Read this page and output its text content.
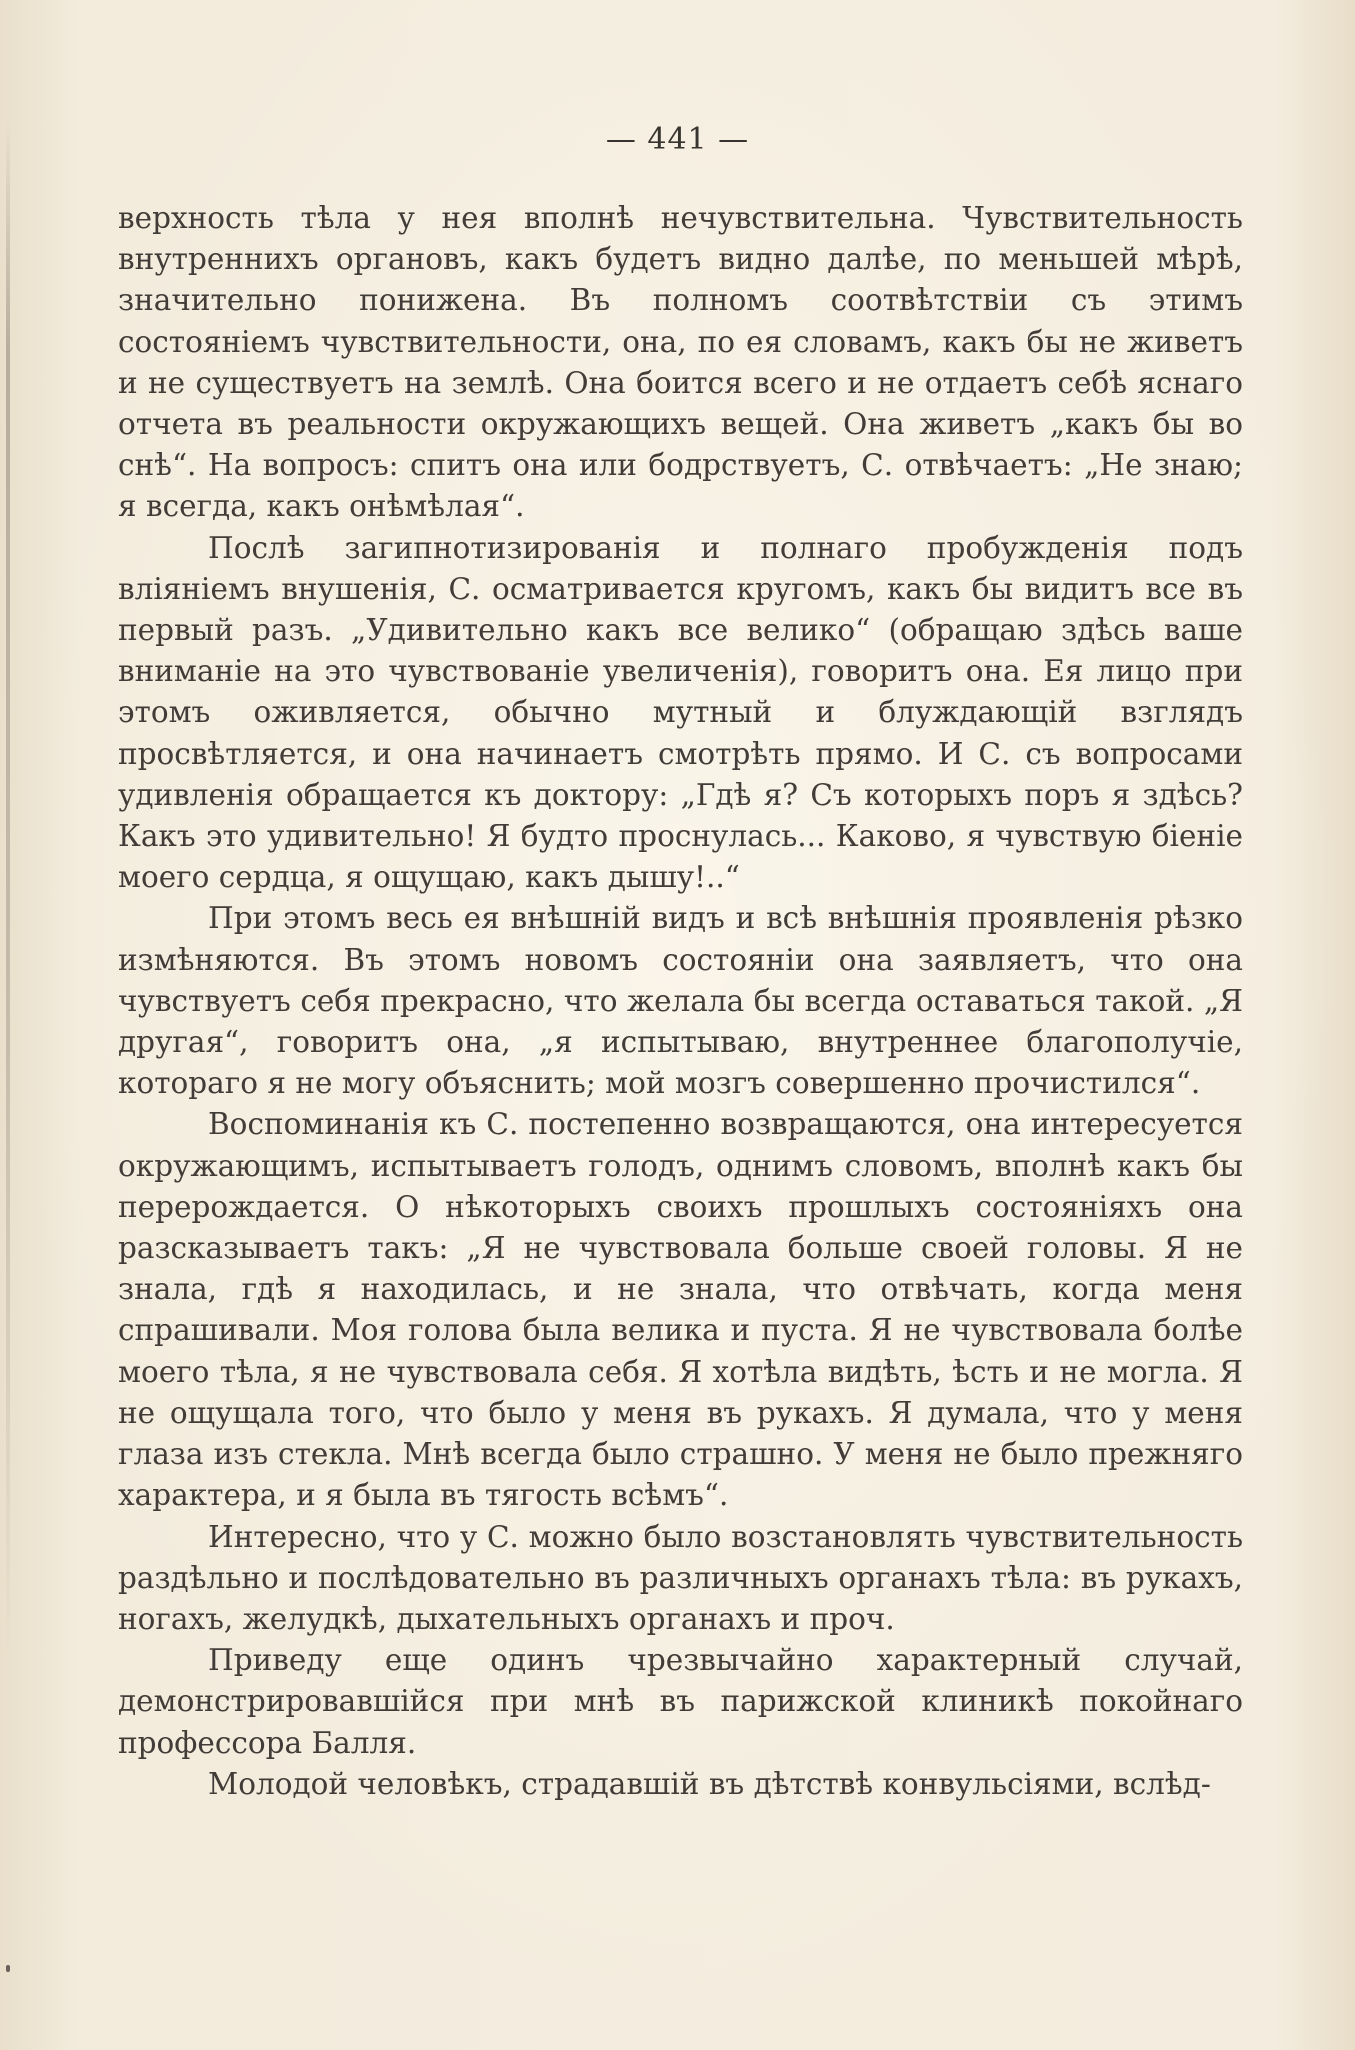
— 441 —

верхность тѣла у нея вполнѣ нечувствительна. Чувствительность внутреннихъ органовъ, какъ будетъ видно далѣе, по меньшей мѣрѣ, значительно понижена. Въ полномъ соотвѣтствіи съ этимъ состояніемъ чувствительности, она, по ея словамъ, какъ бы не живетъ и не существуетъ на землѣ. Она боится всего и не отдаетъ себѣ яснаго отчета въ реальности окружающихъ вещей. Она живетъ „какъ бы во снѣ“. На вопросъ: спитъ она или бодрствуетъ, С. отвѣчаетъ: „Не знаю; я всегда, какъ онѣмѣлая“.

Послѣ загипнотизированія и полнаго пробужденія подъ вліяніемъ внушенія, С. осматривается кругомъ, какъ бы видитъ все въ первый разъ. „Удивительно какъ все велико“ (обращаю здѣсь ваше вниманіе на это чувствованіе увеличенія), говоритъ она. Ея лицо при этомъ оживляется, обычно мутный и блуждающій взглядъ просвѣтляется, и она начинаетъ смотрѣть прямо. И С. съ вопросами удивленія обращается къ доктору: „Гдѣ я? Съ которыхъ поръ я здѣсь? Какъ это удивительно! Я будто проснулась... Каково, я чувствую біеніе моего сердца, я ощущаю, какъ дышу!..“

При этомъ весь ея внѣшній видъ и всѣ внѣшнія проявленія рѣзко измѣняются. Въ этомъ новомъ состояніи она заявляетъ, что она чувствуетъ себя прекрасно, что желала бы всегда оставаться такой. „Я другая“, говоритъ она, „я испытываю, внутреннее благополучіе, котораго я не могу объяснить; мой мозгъ совершенно прочистился“.

Воспоминанія къ С. постепенно возвращаются, она интересуется окружающимъ, испытываетъ голодъ, однимъ словомъ, вполнѣ какъ бы перерождается. О нѣкоторыхъ своихъ прошлыхъ состояніяхъ она разсказываетъ такъ: „Я не чувствовала больше своей головы. Я не знала, гдѣ я находилась, и не знала, что отвѣчать, когда меня спрашивали. Моя голова была велика и пуста. Я не чувствовала болѣе моего тѣла, я не чувствовала себя. Я хотѣла видѣть, ѣсть и не могла. Я не ощущала того, что было у меня въ рукахъ. Я думала, что у меня глаза изъ стекла. Мнѣ всегда было страшно. У меня не было прежняго характера, и я была въ тягость всѣмъ“.

Интересно, что у С. можно было возстановлять чувствительность раздѣльно и послѣдовательно въ различныхъ органахъ тѣла: въ рукахъ, ногахъ, желудкѣ, дыхательныхъ органахъ и проч.

Приведу еще одинъ чрезвычайно характерный случай, демонстрировавшійся при мнѣ въ парижской клиникѣ покойнаго профессора Балля.

Молодой человѣкъ, страдавшій въ дѣтствѣ конвульсіями, вслѣд-
